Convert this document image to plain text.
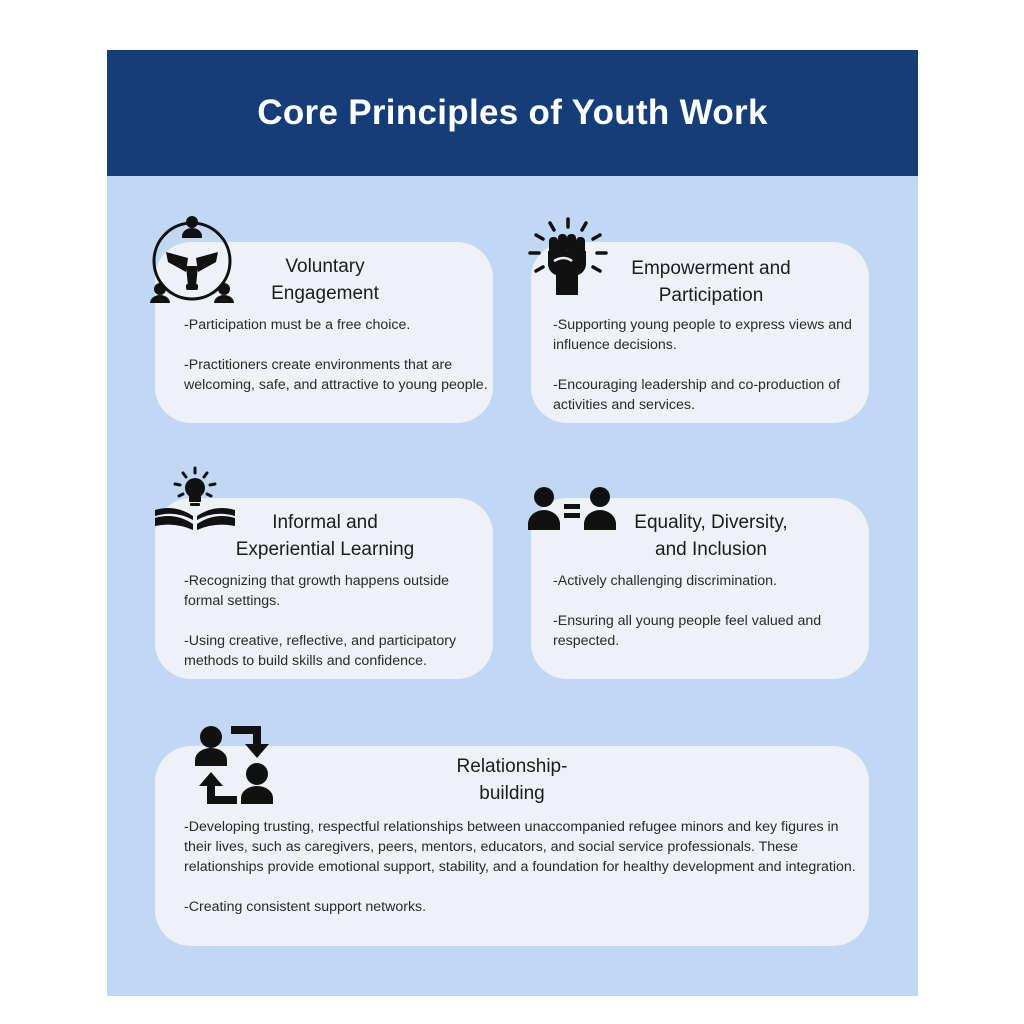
Core Principles of Youth Work
Voluntary
Engagement

-Participation must be a free choice.

-Practitioners create environments that are welcoming, safe, and attractive to young people.

Empowerment and
Participation

-Supporting young people to express views and influence decisions.

-Encouraging leadership and co-production of activities and services.

Informal and
Experiential Learning

-Recognizing that growth happens outside formal settings.

-Using creative, reflective, and participatory methods to build skills and confidence.

Equality, Diversity,
and Inclusion

-Actively challenging discrimination.

-Ensuring all young people feel valued and respected.

Relationship-
building

-Developing trusting, respectful relationships between unaccompanied refugee minors and key figures in their lives, such as caregivers, peers, mentors, educators, and social service professionals. These relationships provide emotional support, stability, and a foundation for healthy development and integration.

-Creating consistent support networks.
